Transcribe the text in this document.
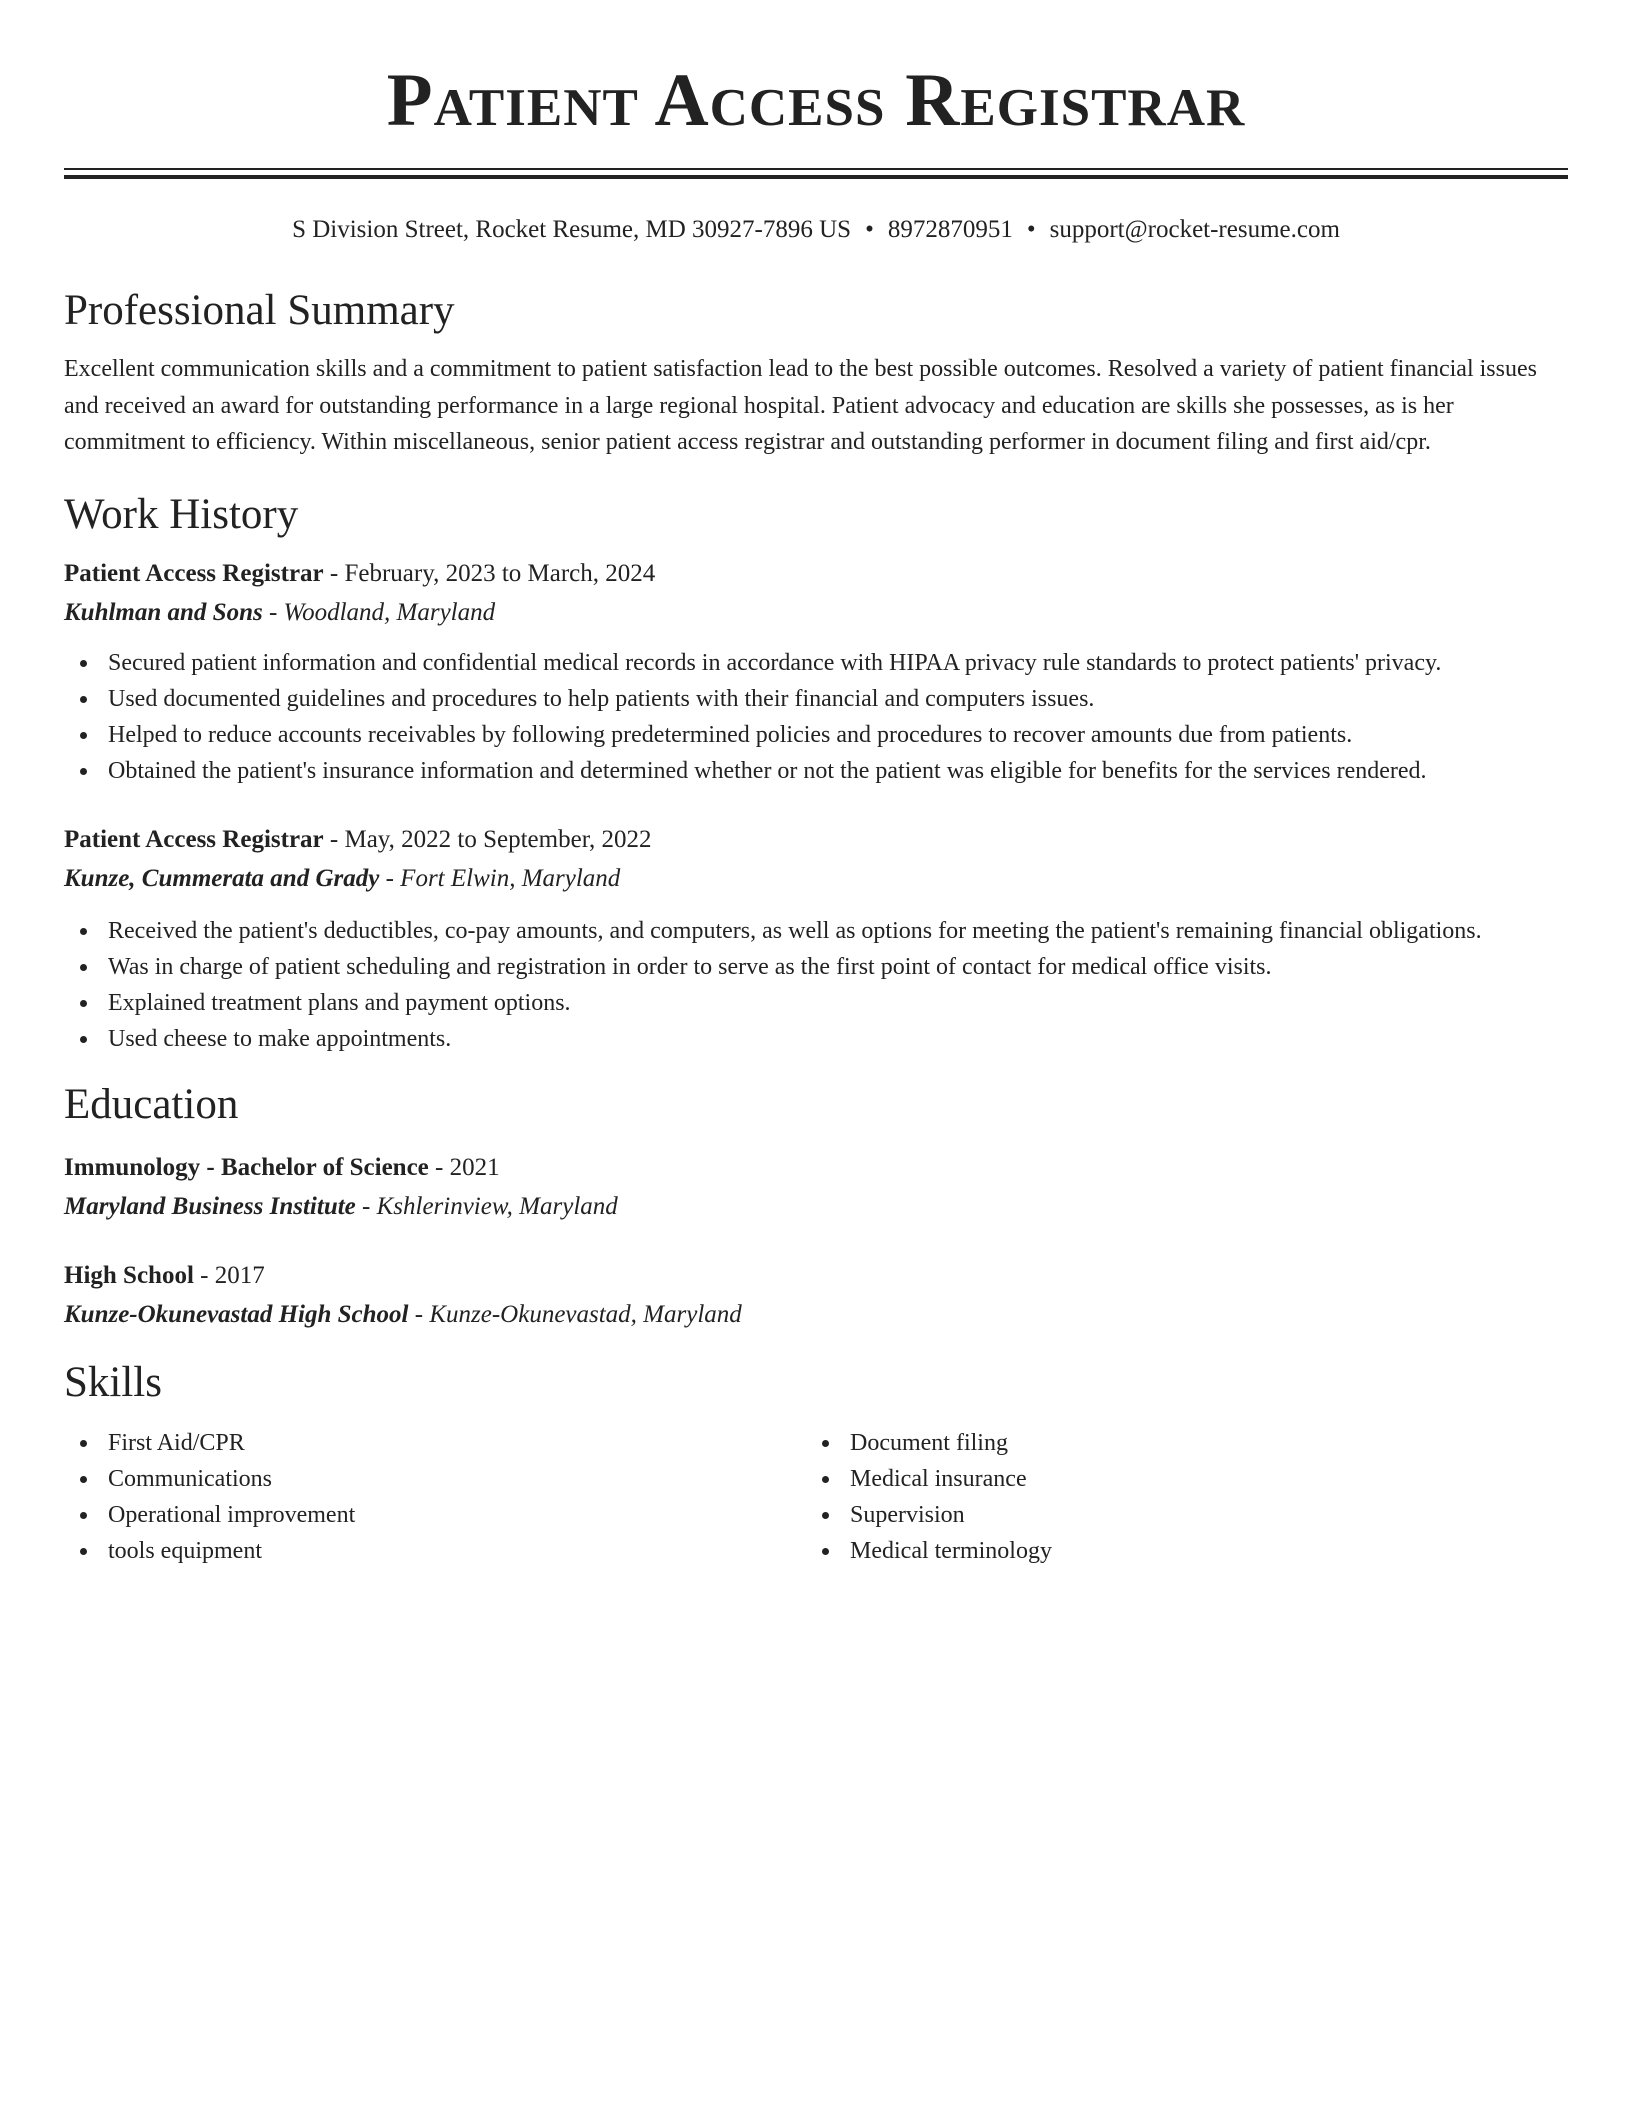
Patient Access Registrar
S Division Street, Rocket Resume, MD 30927-7896 US • 8972870951 • support@rocket-resume.com
Professional Summary
Excellent communication skills and a commitment to patient satisfaction lead to the best possible outcomes. Resolved a variety of patient financial issues and received an award for outstanding performance in a large regional hospital. Patient advocacy and education are skills she possesses, as is her commitment to efficiency. Within miscellaneous, senior patient access registrar and outstanding performer in document filing and first aid/cpr.
Work History
Patient Access Registrar - February, 2023 to March, 2024
Kuhlman and Sons - Woodland, Maryland
Secured patient information and confidential medical records in accordance with HIPAA privacy rule standards to protect patients' privacy.
Used documented guidelines and procedures to help patients with their financial and computers issues.
Helped to reduce accounts receivables by following predetermined policies and procedures to recover amounts due from patients.
Obtained the patient's insurance information and determined whether or not the patient was eligible for benefits for the services rendered.
Patient Access Registrar - May, 2022 to September, 2022
Kunze, Cummerata and Grady - Fort Elwin, Maryland
Received the patient's deductibles, co-pay amounts, and computers, as well as options for meeting the patient's remaining financial obligations.
Was in charge of patient scheduling and registration in order to serve as the first point of contact for medical office visits.
Explained treatment plans and payment options.
Used cheese to make appointments.
Education
Immunology - Bachelor of Science - 2021
Maryland Business Institute - Kshlerinview, Maryland
High School - 2017
Kunze-Okunevastad High School - Kunze-Okunevastad, Maryland
Skills
First Aid/CPR
Communications
Operational improvement
tools equipment
Document filing
Medical insurance
Supervision
Medical terminology
